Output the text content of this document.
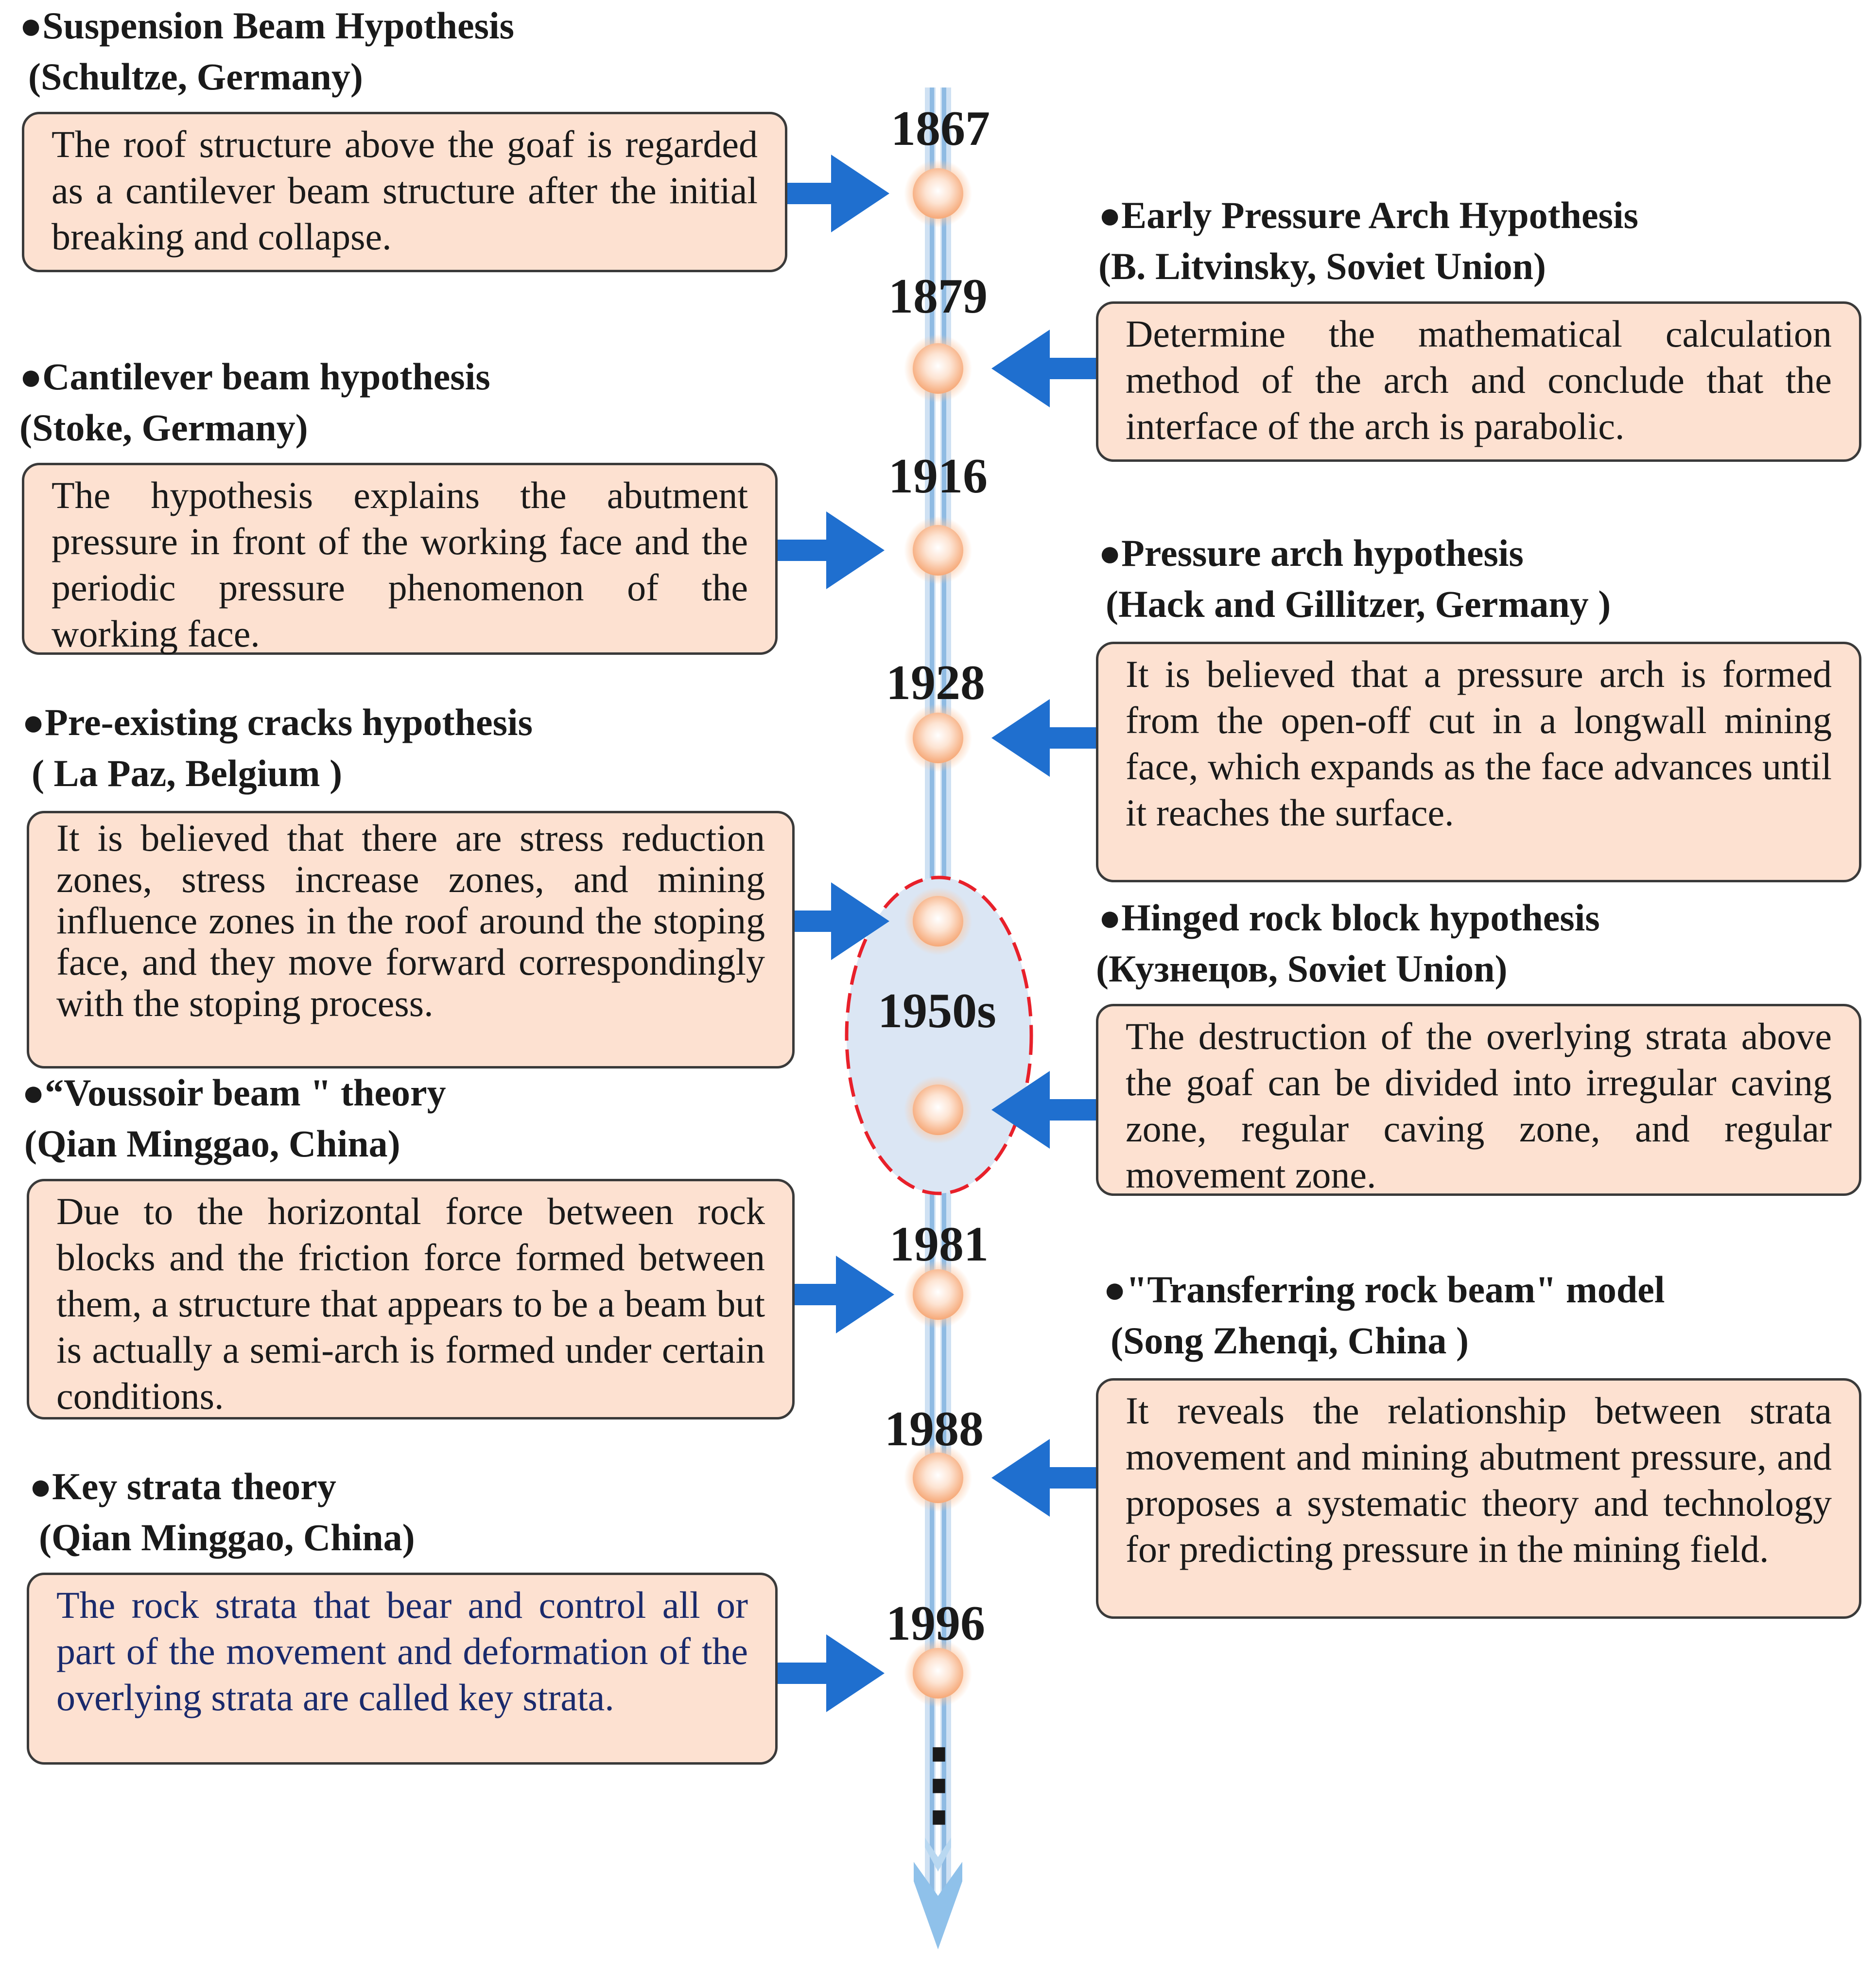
1867
1879
1916
1928
1950s
1981
1988
1996
⋮
●Suspension Beam Hypothesis
(Schultze, Germany)
The roof structure above the goaf is regarded as a cantilever beam structure after the initial breaking and collapse.
●Cantilever beam hypothesis
(Stoke, Germany)
The hypothesis explains the abutment pressure in front of the working face and the periodic pressure phenomenon of the working face.
●Pre-existing cracks hypothesis
( La Paz, Belgium )
It is believed that there are stress reduction zones, stress increase zones, and mining influence zones in the roof around the stoping face, and they move forward correspondingly with the stoping process.
●“Voussoir beam " theory
(Qian Minggao, China)
Due to the horizontal force between rock blocks and the friction force formed between them, a structure that appears to be a beam but is actually a semi-arch is formed under certain conditions.
●Key strata theory
(Qian Minggao, China)
The rock strata that bear and control all or part of the movement and deformation of the overlying strata are called key strata.
●Early Pressure Arch Hypothesis
(B. Litvinsky, Soviet Union)
Determine the mathematical calculation method of the arch and conclude that the interface of the arch is parabolic.
●Pressure arch hypothesis
(Hack and Gillitzer, Germany )
It is believed that a pressure arch is formed from the open-off cut in a longwall mining face, which expands as the face advances until it reaches the surface.
●Hinged rock block hypothesis
(Кузнецов, Soviet Union)
The destruction of the overlying strata above the goaf can be divided into irregular caving zone, regular caving zone, and regular movement zone.
●"Transferring rock beam" model
(Song Zhenqi, China )
It reveals the relationship between strata movement and mining abutment pressure, and proposes a systematic theory and technology for predicting pressure in the mining field.
